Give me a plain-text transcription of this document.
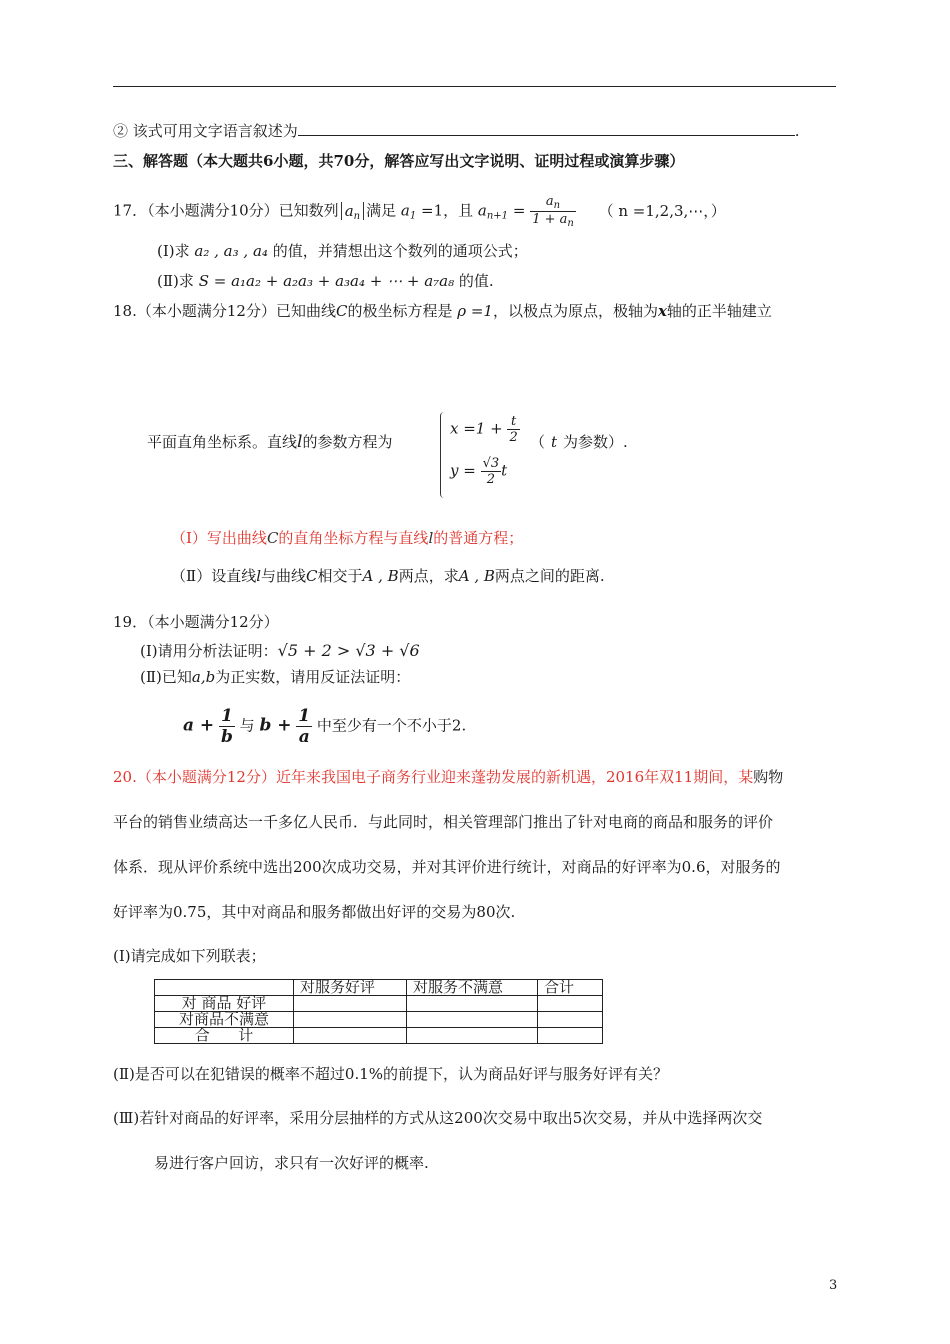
② 该式可用文字语言叙述为	.
三、解答题（本大题共6小题，共70分，解答应写出文字说明、证明过程或演算步骤）
17．（本小题满分10分）已知数列 $a_n$ 满足 $a_1 =1$，且 $a_{n+1} = \frac{a_n}{1 + a_n}$ （ n =1,2,3,⋯，）
(Ⅰ)求 a₂ , a₃ , a₄ 的值，并猜想出这个数列的通项公式；
(Ⅱ)求 S = a₁a₂ + a₂a₃ + a₃a₄ + ⋯ + a₇a₈ 的值.
18.（本小题满分12分）已知曲线C的极坐标方程是 ρ =1，以极点为原点，极轴为x轴的正半轴建立
平面直角坐标系。直线l的参数方程为
$x =1 + \frac{t}{2}$
$y = \frac{√3}{2}$ t
（ t 为参数）.
（Ⅰ）写出曲线C的直角坐标方程与直线l的普通方程；
（Ⅱ）设直线l与曲线C相交于A , B两点，求A , B两点之间的距离.
19．（本小题满分12分）
(Ⅰ)请用分析法证明：√5 + 2 > √3 + √6
(Ⅱ)已知a,b为正实数，请用反证法证明：
$a + \frac{1}{b}$ 与 $b + \frac{1}{a}$ 中至少有一个不小于2.
20.（本小题满分12分）近年来我国电子商务行业迎来蓬勃发展的新机遇，2016年双11期间，某购物
平台的销售业绩高达一千多亿人民币．与此同时，相关管理部门推出了针对电商的商品和服务的评价
体系．现从评价系统中选出200次成功交易，并对其评价进行统计，对商品的好评率为0.6，对服务的
好评率为0.75，其中对商品和服务都做出好评的交易为80次.
(Ⅰ)请完成如下列联表；
	对服务好评	对服务不满意	合计
对 商品 好评			
对商品不满意			
合      计			
(Ⅱ)是否可以在犯错误的概率不超过0.1%的前提下，认为商品好评与服务好评有关？
(Ⅲ)若针对商品的好评率，采用分层抽样的方式从这200次交易中取出5次交易，并从中选择两次交
易进行客户回访，求只有一次好评的概率.
3
